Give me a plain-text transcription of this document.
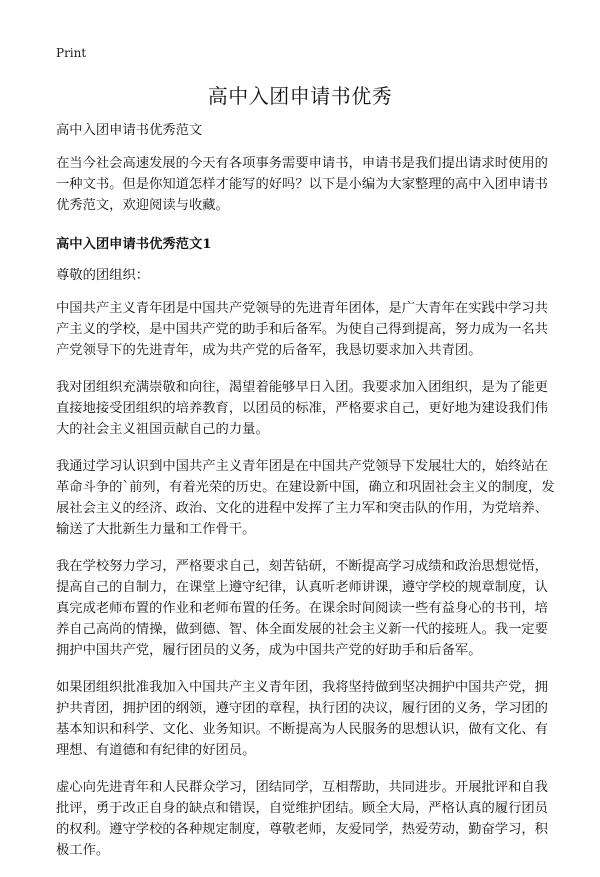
Print
高中入团申请书优秀

高中入团申请书优秀范文

在当今社会高速发展的今天有各项事务需要申请书，申请书是我们提出请求时使用的一种文书。但是你知道怎样才能写的好吗？以下是小编为大家整理的高中入团申请书优秀范文，欢迎阅读与收藏。

高中入团申请书优秀范文1

尊敬的团组织：

中国共产主义青年团是中国共产党领导的先进青年团体，是广大青年在实践中学习共产主义的学校，是中国共产党的助手和后备军。为使自己得到提高，努力成为一名共产党领导下的先进青年，成为共产党的后备军，我恳切要求加入共青团。

我对团组织充满崇敬和向往，渴望着能够早日入团。我要求加入团组织，是为了能更直接地接受团组织的培养教育，以团员的标准，严格要求自己，更好地为建设我们伟大的社会主义祖国贡献自己的力量。

我通过学习认识到中国共产主义青年团是在中国共产党领导下发展壮大的，始终站在革命斗争的`前列，有着光荣的历史。在建设新中国，确立和巩固社会主义的制度，发展社会主义的经济、政治、文化的进程中发挥了主力军和突击队的作用，为党培养、输送了大批新生力量和工作骨干。

我在学校努力学习，严格要求自己，刻苦钻研，不断提高学习成绩和政治思想觉悟，提高自己的自制力，在课堂上遵守纪律，认真听老师讲课，遵守学校的规章制度，认真完成老师布置的作业和老师布置的任务。在课余时间阅读一些有益身心的书刊，培养自己高尚的情操，做到德、智、体全面发展的社会主义新一代的接班人。我一定要拥护中国共产党，履行团员的义务，成为中国共产党的好助手和后备军。

如果团组织批准我加入中国共产主义青年团，我将坚持做到坚决拥护中国共产党，拥护共青团，拥护团的纲领，遵守团的章程，执行团的决议，履行团的义务，学习团的基本知识和科学、文化、业务知识。不断提高为人民服务的思想认识，做有文化、有理想、有道德和有纪律的好团员。

虚心向先进青年和人民群众学习，团结同学，互相帮助，共同进步。开展批评和自我批评，勇于改正自身的缺点和错误，自觉维护团结。顾全大局，严格认真的履行团员的权利。遵守学校的各种规定制度，尊敬老师，友爱同学，热爱劳动，勤奋学习，积极工作。
